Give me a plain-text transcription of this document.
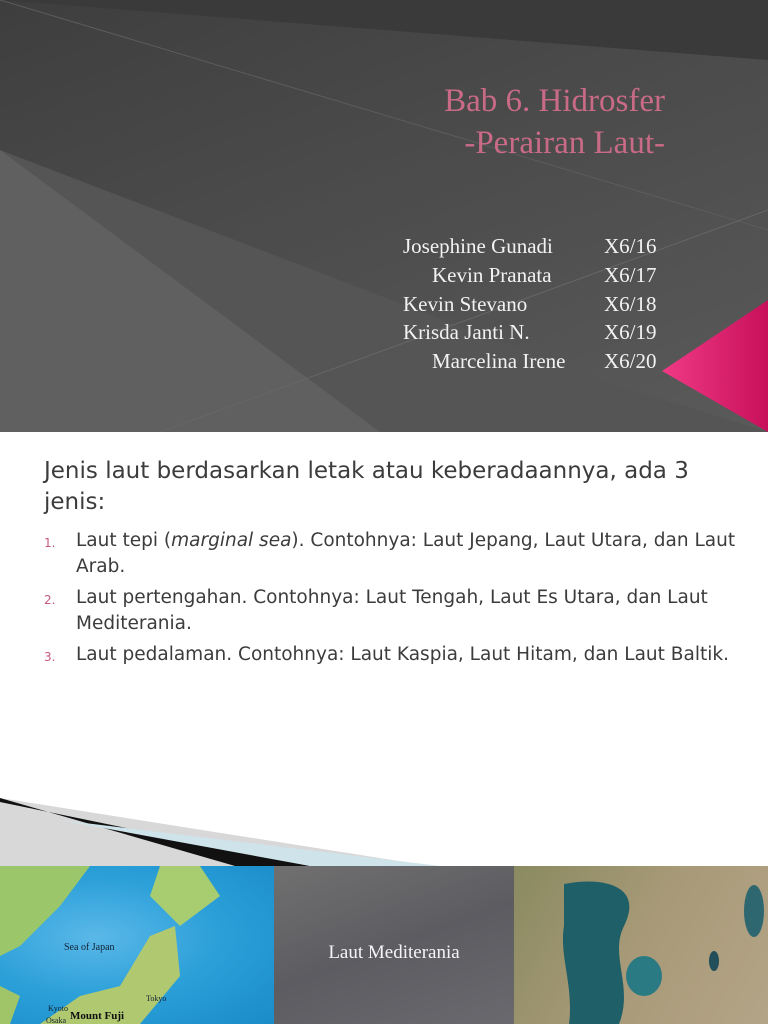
Bab 6. Hidrosfer
-Perairan Laut-
Josephine Gunadi X6/16
Kevin Pranata X6/17
Kevin Stevano	X6/18
Krisda Janti N.	X6/19
Marcelina Irene X6/20
Jenis laut berdasarkan letak atau keberadaannya, ada 3 jenis:
1. Laut tepi (marginal sea). Contohnya: Laut Jepang, Laut Utara, dan Laut Arab.
2. Laut pertengahan. Contohnya: Laut Tengah, Laut Es Utara, dan Laut Mediterania.
3. Laut pedalaman. Contohnya: Laut Kaspia, Laut Hitam, dan Laut Baltik.
Sea of Japan
Tokyo
Kyoto
Osaka Mount Fuji
Laut Mediterania
